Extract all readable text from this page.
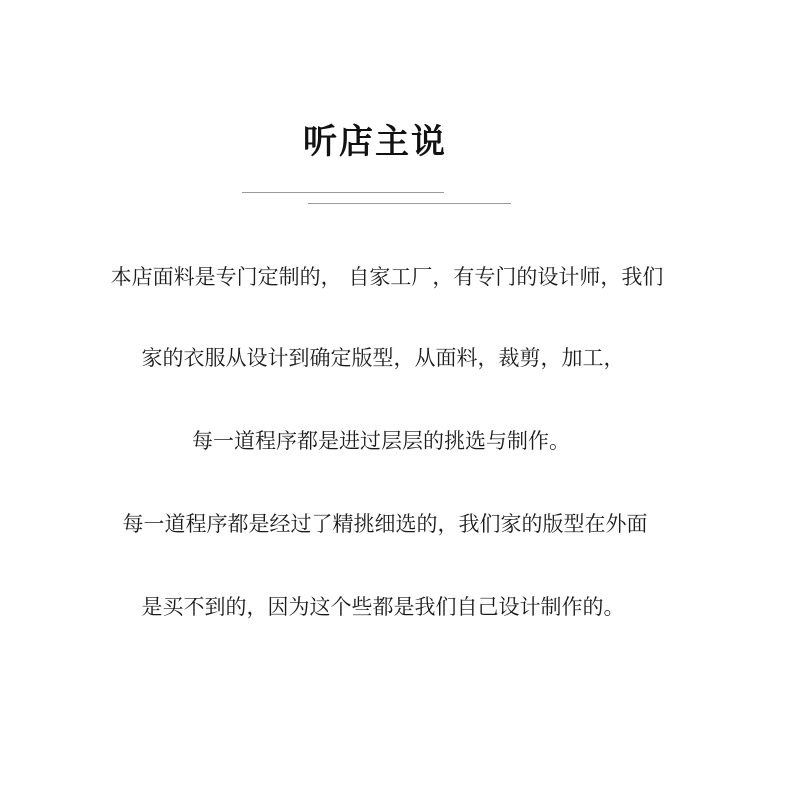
听店主说
本店面料是专门定制的， 自家工厂，有专门的设计师，我们
家的衣服从设计到确定版型，从面料，裁剪，加工，
每一道程序都是进过层层的挑选与制作。
每一道程序都是经过了精挑细选的，我们家的版型在外面
是买不到的，因为这个些都是我们自己设计制作的。
